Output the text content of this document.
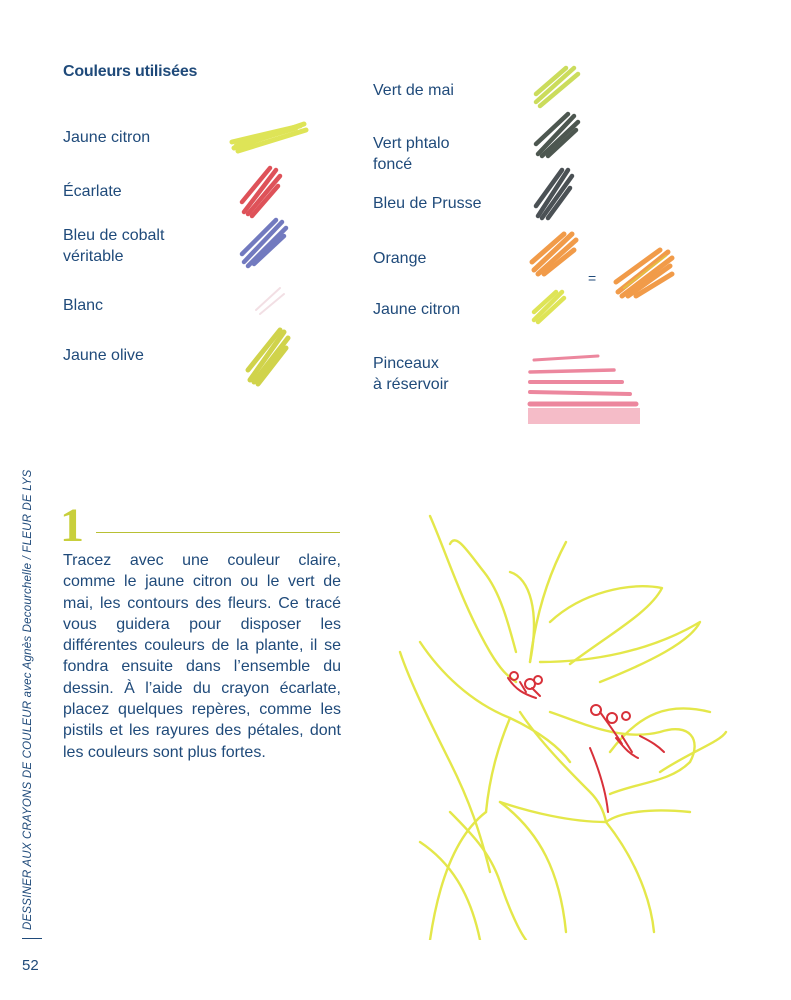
Couleurs utilisées
Jaune citron
Écarlate
Bleu de cobalt
véritable
Blanc
Jaune olive
Vert de mai
Vert phtalo
foncé
Bleu de Prusse
Orange
Jaune citron
Pinceaux
à réservoir
=
1
Tracez avec une couleur claire, comme le jaune citron ou le vert de mai, les contours des fleurs. Ce tracé vous guidera pour disposer les différentes couleurs de la plante, il se fondra ensuite dans l’ensemble du dessin. À l’aide du crayon écarlate, placez quelques repères, comme les pistils et les rayures des pétales, dont les couleurs sont plus fortes.
DESSINER AUX CRAYONS DE COULEUR avec Agnès Decourchelle / FLEUR DE LYS
52
